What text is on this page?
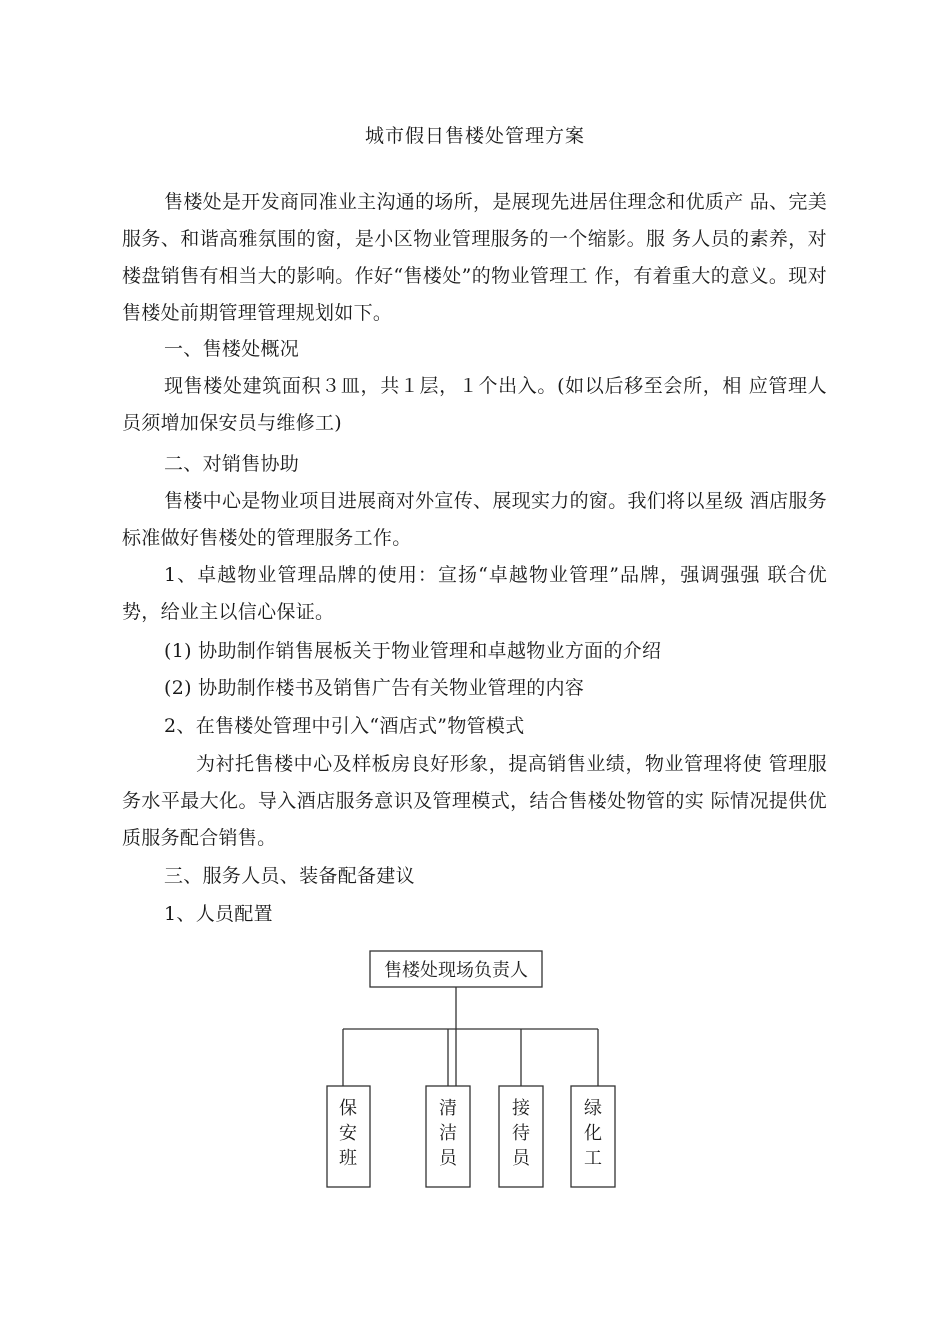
城市假日售楼处管理方案

售楼处是开发商同准业主沟通的场所，是展现先进居住理念和优质产 品、完美服务、和谐高雅氛围的窗，是小区物业管理服务的一个缩影。服 务人员的素养，对楼盘销售有相当大的影响。作好“售楼处”的物业管理工 作，有着重大的意义。现对售楼处前期管理管理规划如下。

一、售楼处概况

现售楼处建筑面积３皿，共１层，１个出入。(如以后移至会所，相 应管理人员须增加保安员与维修工)

二、对销售协助

售楼中心是物业项目进展商对外宣传、展现实力的窗。我们将以星级 酒店服务标准做好售楼处的管理服务工作。

1、卓越物业管理品牌的使用：宣扬“卓越物业管理”品牌，强调强强 联合优势，给业主以信心保证。

(1) 协助制作销售展板关于物业管理和卓越物业方面的介绍
(2) 协助制作楼书及销售广告有关物业管理的内容
2、在售楼处管理中引入“酒店式”物管模式

为衬托售楼中心及样板房良好形象，提高销售业绩，物业管理将使 管理服务水平最大化。导入酒店服务意识及管理模式，结合售楼处物管的实 际情况提供优质服务配合销售。

三、服务人员、装备配备建议
1、人员配置
售楼处现场负责人
保
安
班
清
洁
员
接
待
员
绿
化
工
